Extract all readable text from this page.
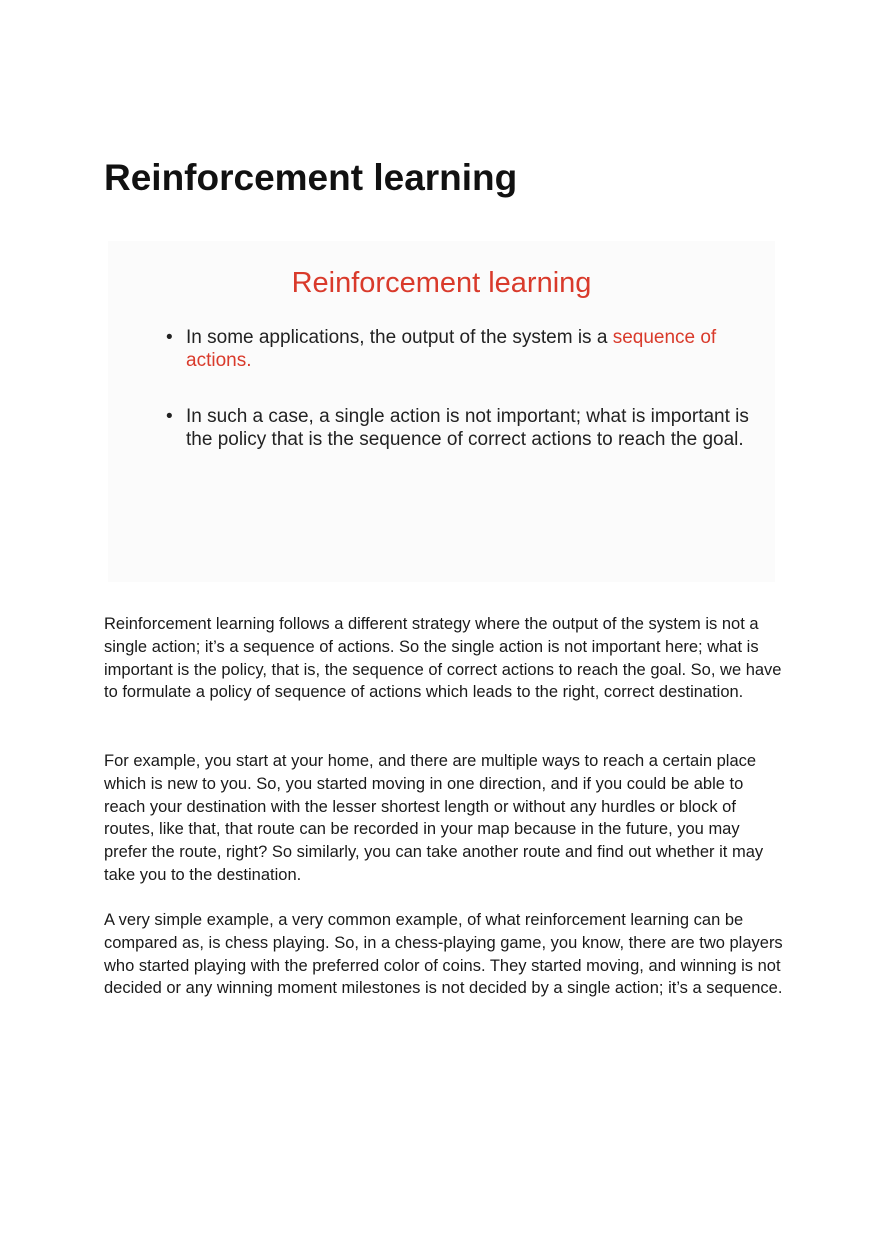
Reinforcement learning
Reinforcement learning
• In some applications, the output of the system is a sequence of actions.
• In such a case, a single action is not important; what is important is the policy that is the sequence of correct actions to reach the goal.

Reinforcement learning follows a different strategy where the output of the system is not a single action; it’s a sequence of actions. So the single action is not important here; what is important is the policy, that is, the sequence of correct actions to reach the goal. So, we have to formulate a policy of sequence of actions which leads to the right, correct destination.

For example, you start at your home, and there are multiple ways to reach a certain place which is new to you. So, you started moving in one direction, and if you could be able to reach your destination with the lesser shortest length or without any hurdles or block of routes, like that, that route can be recorded in your map because in the future, you may prefer the route, right? So similarly, you can take another route and find out whether it may take you to the destination.

A very simple example, a very common example, of what reinforcement learning can be compared as, is chess playing. So, in a chess-playing game, you know, there are two players who started playing with the preferred color of coins. They started moving, and winning is not decided or any winning moment milestones is not decided by a single action; it’s a sequence.
